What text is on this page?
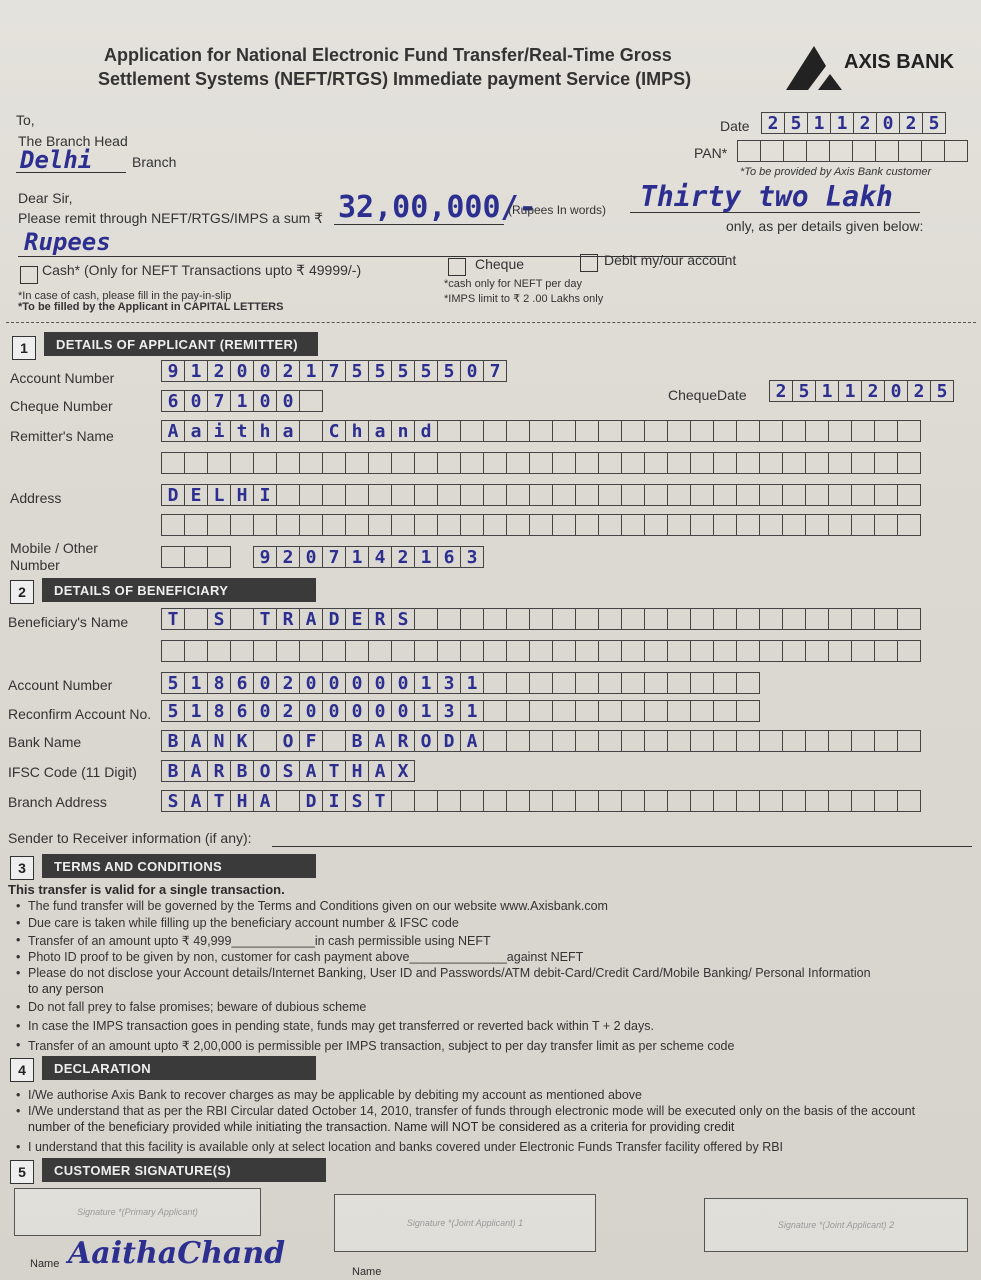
Application for National Electronic Fund Transfer/Real-Time Gross
Settlement Systems (NEFT/RTGS) Immediate payment Service (IMPS)
AXIS BANK
To,
The Branch Head
Delhi	Branch
Date	2 5 1 1 2 0 2 5
PAN*
*To be provided by Axis Bank customer
Dear Sir,
Please remit through NEFT/RTGS/IMPS a sum ₹ 32,00,000/-
(Rupees In words) Thirty two Lakh
Rupees
only, as per details given below:
Cash* (Only for NEFT Transactions upto ₹ 49999/-)	Cheque	Debit my/our account
*In case of cash, please fill in the pay-in-slip
*To be filled by the Applicant in CAPITAL LETTERS
*cash only for NEFT per day
*IMPS limit to ₹ 2 .00 Lakhs only
1	DETAILS OF APPLICANT (REMITTER)
Account Number	9 1 2 0 0 2 1 7 5 5 5 5 5 0 7
Cheque Number	6 0 7 1 0 0	ChequeDate	2 5 1 1 2 0 2 5
Remitter's Name	A a i t h a	C h a n d
Address	D E L H I
Mobile / Other Number	9 2 0 7 1 4 2 1 6 3
2	DETAILS OF BENEFICIARY
Beneficiary's Name	T	S	T R A D E R S
Account Number	5 1 8 6 0 2 0 0 0 0 0 1 3 1
Reconfirm Account No. 5 1 8 6 0 2 0 0 0 0 0 1 3 1
Bank Name	B A N K	O F	B A R O D A
IFSC Code (11 Digit)	B A R B O S A T H A X
Branch Address	S A T H A	D I S T
Sender to Receiver information (if any):
3	TERMS AND CONDITIONS
This transfer is valid for a single transaction.
• The fund transfer will be governed by the Terms and Conditions given on our website www.Axisbank.com
• Due care is taken while filling up the beneficiary account number & IFSC code
• Transfer of an amount upto ₹ 49,999____________in cash permissible using NEFT
• Photo ID proof to be given by non, customer for cash payment above______________against NEFT
• Please do not disclose your Account details/Internet Banking, User ID and Passwords/ATM debit-Card/Credit Card/Mobile Banking/ Personal Information
to any person
• Do not fall prey to false promises; beware of dubious scheme
• In case the IMPS transaction goes in pending state, funds may get transferred or reverted back within T + 2 days.
• Transfer of an amount upto ₹ 2,00,000 is permissible per IMPS transaction, subject to per day transfer limit as per scheme code
4	DECLARATION
• I/We authorise Axis Bank to recover charges as may be applicable by debiting my account as mentioned above
• I/We understand that as per the RBI Circular dated October 14, 2010, transfer of funds through electronic mode will be executed only on the basis of the account
number of the beneficiary provided while initiating the transaction. Name will NOT be considered as a criteria for providing credit
• I understand that this facility is available only at select location and banks covered under Electronic Funds Transfer facility offered by RBI
5	CUSTOMER SIGNATURE(S)
Signature *(Primary Applicant)
Signature *(Joint Applicant) 1	Signature *(Joint Applicant) 2
Name AaithaChand
Name
